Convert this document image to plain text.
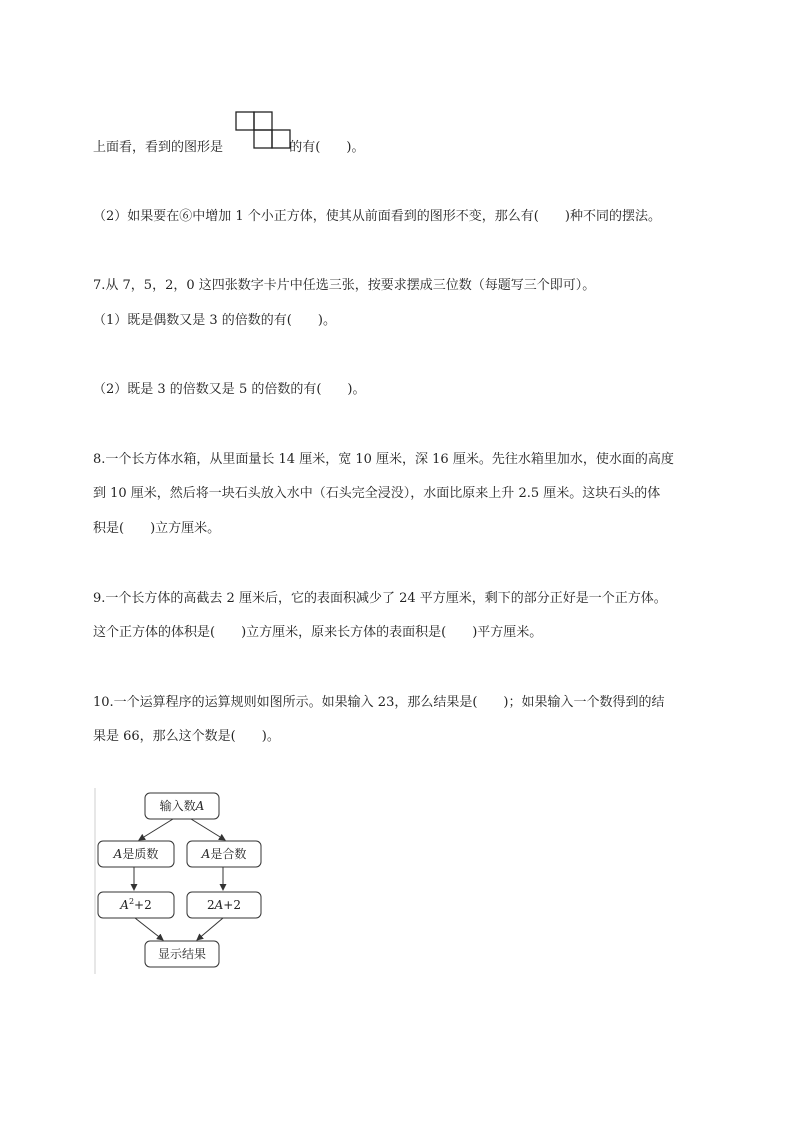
上面看，看到的图形是	的有(　　)。
（2）如果要在⑥中增加 1 个小正方体，使其从前面看到的图形不变，那么有(　　)种不同的摆法。
7.从 7，5，2，0 这四张数字卡片中任选三张，按要求摆成三位数（每题写三个即可）。
（1）既是偶数又是 3 的倍数的有(　　)。
（2）既是 3 的倍数又是 5 的倍数的有(　　)。
8.一个长方体水箱，从里面量长 14 厘米，宽 10 厘米，深 16 厘米。先往水箱里加水，使水面的高度
到 10 厘米，然后将一块石头放入水中（石头完全浸没），水面比原来上升 2.5 厘米。这块石头的体
积是(　　)立方厘米。
9.一个长方体的高截去 2 厘米后，它的表面积减少了 24 平方厘米，剩下的部分正好是一个正方体。
这个正方体的体积是(　　)立方厘米，原来长方体的表面积是(　　)平方厘米。
10.一个运算程序的运算规则如图所示。如果输入 23，那么结果是(　　)；如果输入一个数得到的结
果是 66，那么这个数是(　　)。
输入数A
A是质数	A是合数
$A^2+2$	2A+2
显示结果
